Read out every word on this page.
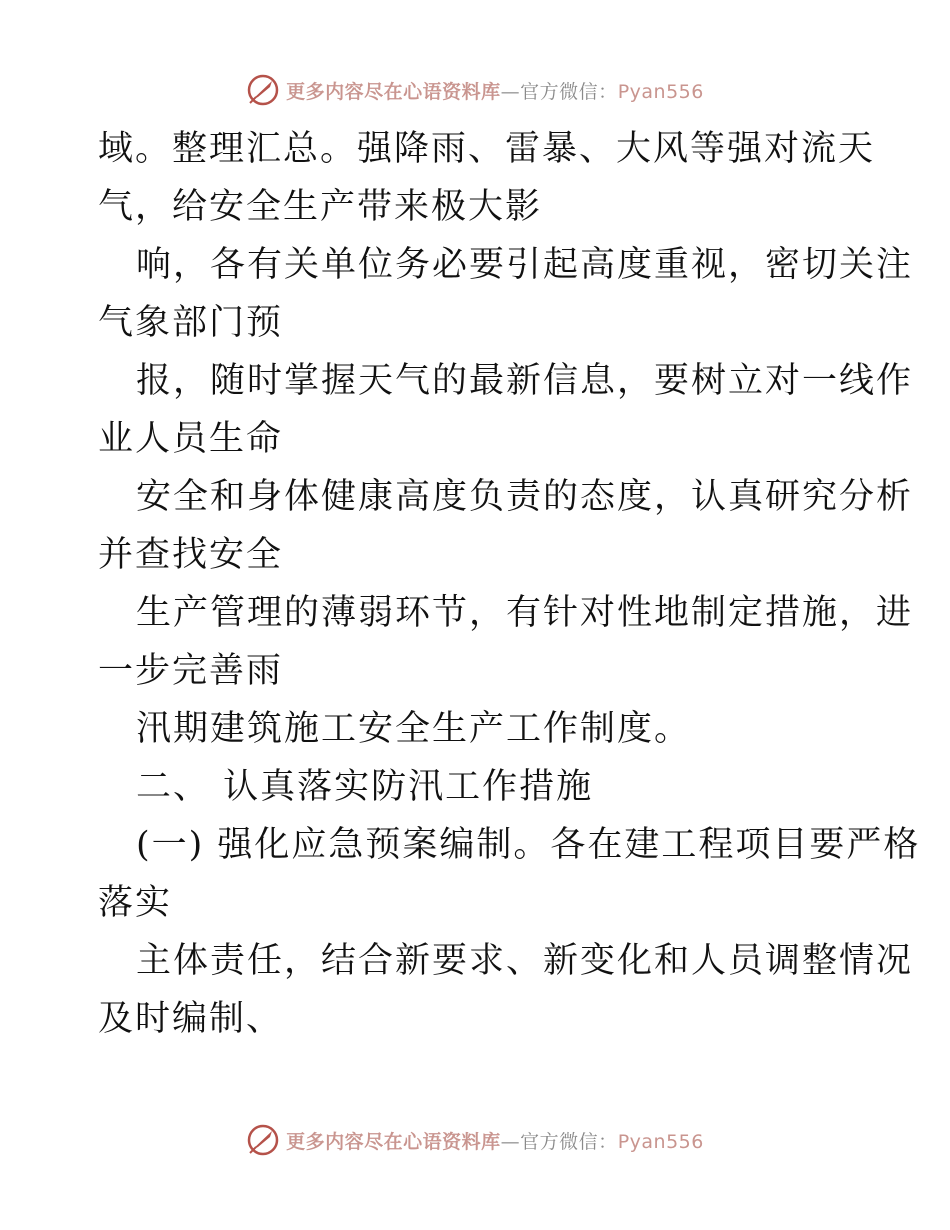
更多内容尽在心语资料库—官方微信：Pyan556
域。整理汇总。强降雨、雷暴、大风等强对流天
气，给安全生产带来极大影
响，各有关单位务必要引起高度重视，密切关注
气象部门预
报，随时掌握天气的最新信息，要树立对一线作
业人员生命
安全和身体健康高度负责的态度，认真研究分析
并查找安全
生产管理的薄弱环节，有针对性地制定措施，进
一步完善雨
汛期建筑施工安全生产工作制度。
二、 认真落实防汛工作措施
(一) 强化应急预案编制。各在建工程项目要严格
落实
主体责任，结合新要求、新变化和人员调整情况
及时编制、
更多内容尽在心语资料库—官方微信：Pyan556
